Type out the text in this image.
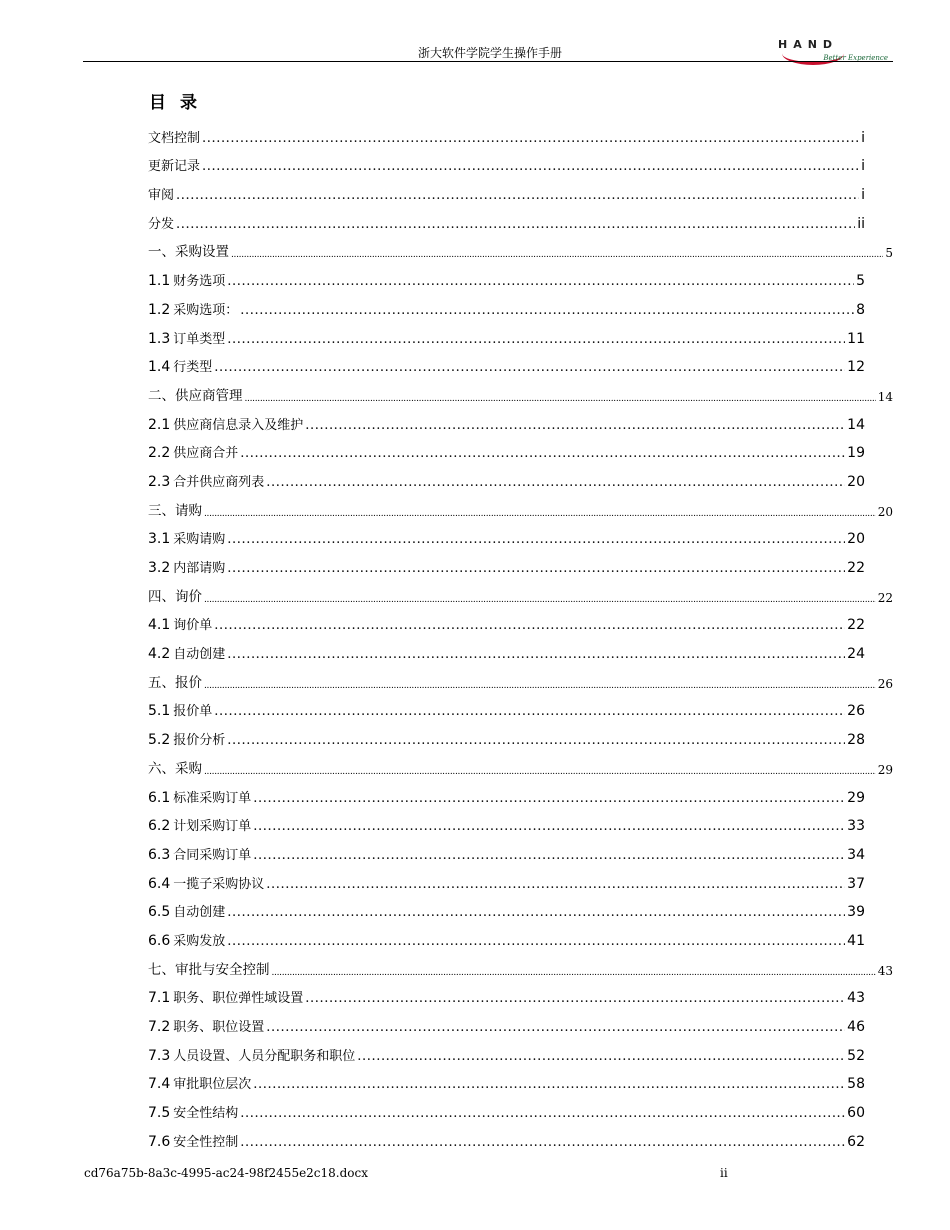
浙大软件学院学生操作手册
HAND
Better Experience
目录
文档控制 .....	i
更新记录 .....	i
审阅 .....	i
分发 .....	ii
一、采购设置 .....	5
1.1 财务选项 .....	5
1.2 采购选项： .....	8
1.3 订单类型 .....	11
1.4 行类型 .....	12
二、供应商管理 .....	14
2.1 供应商信息录入及维护 .....	14
2.2 供应商合并 .....	19
2.3 合并供应商列表 .....	20
三、请购 .....	20
3.1 采购请购 .....	20
3.2 内部请购 .....	22
四、询价 .....	22
4.1 询价单 .....	22
4.2 自动创建 .....	24
五、报价 .....	26
5.1 报价单 .....	26
5.2 报价分析 .....	28
六、采购 .....	29
6.1 标准采购订单 .....	29
6.2 计划采购订单 .....	33
6.3 合同采购订单 .....	34
6.4 一揽子采购协议 .....	37
6.5 自动创建 .....	39
6.6 采购发放 .....	41
七、审批与安全控制 .....	43
7.1 职务、职位弹性域设置 .....	43
7.2 职务、职位设置 .....	46
7.3 人员设置、人员分配职务和职位 .....	52
7.4 审批职位层次 .....	58
7.5 安全性结构 .....	60
7.6 安全性控制 .....	62
cd76a75b-8a3c-4995-ac24-98f2455e2c18.docx	ii
